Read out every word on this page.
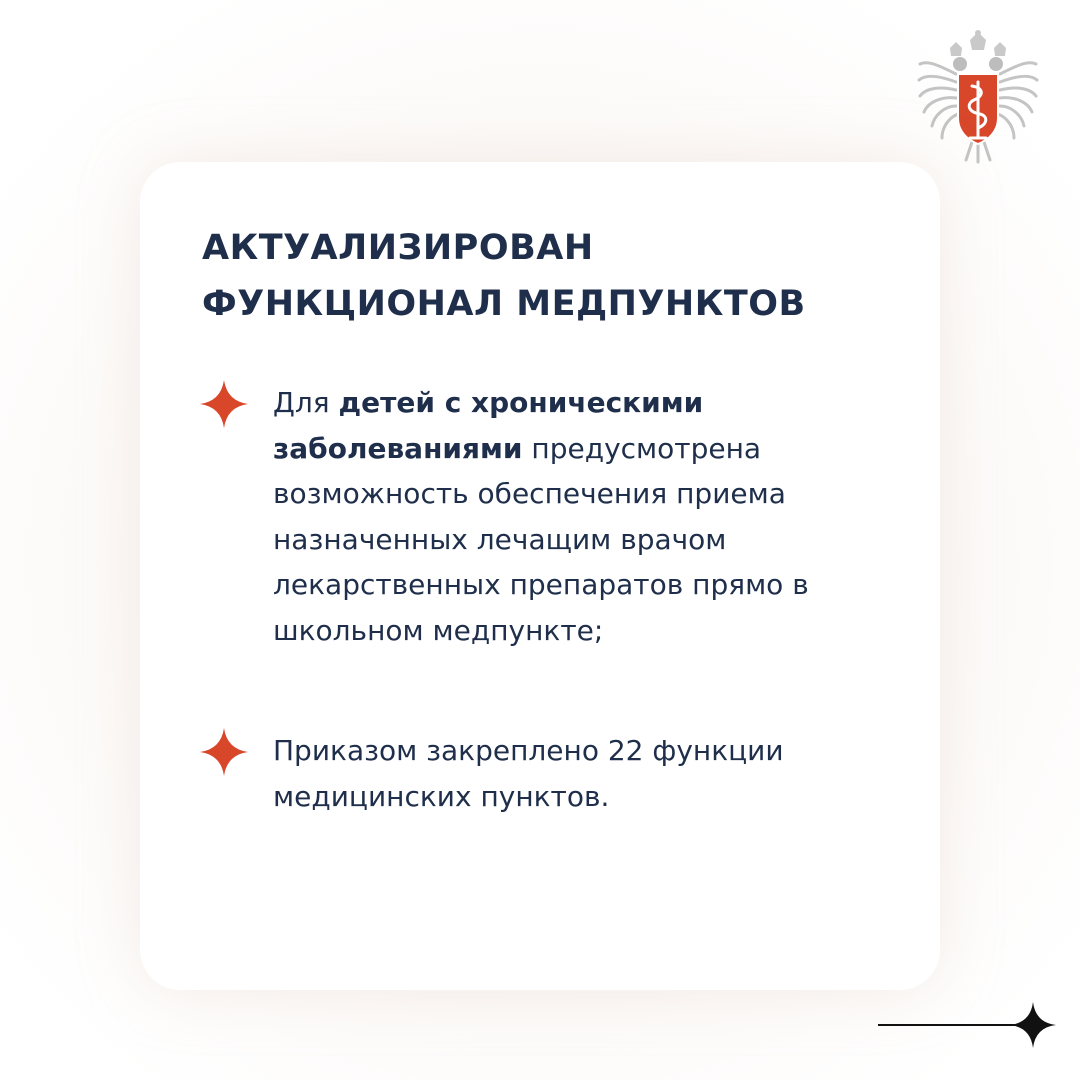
АКТУАЛИЗИРОВАН
ФУНКЦИОНАЛ МЕДПУНКТОВ

Для детей с хроническими заболеваниями предусмотрена возможность обеспечения приема назначенных лечащим врачом лекарственных препаратов прямо в школьном медпункте;

Приказом закреплено 22 функции медицинских пунктов.
